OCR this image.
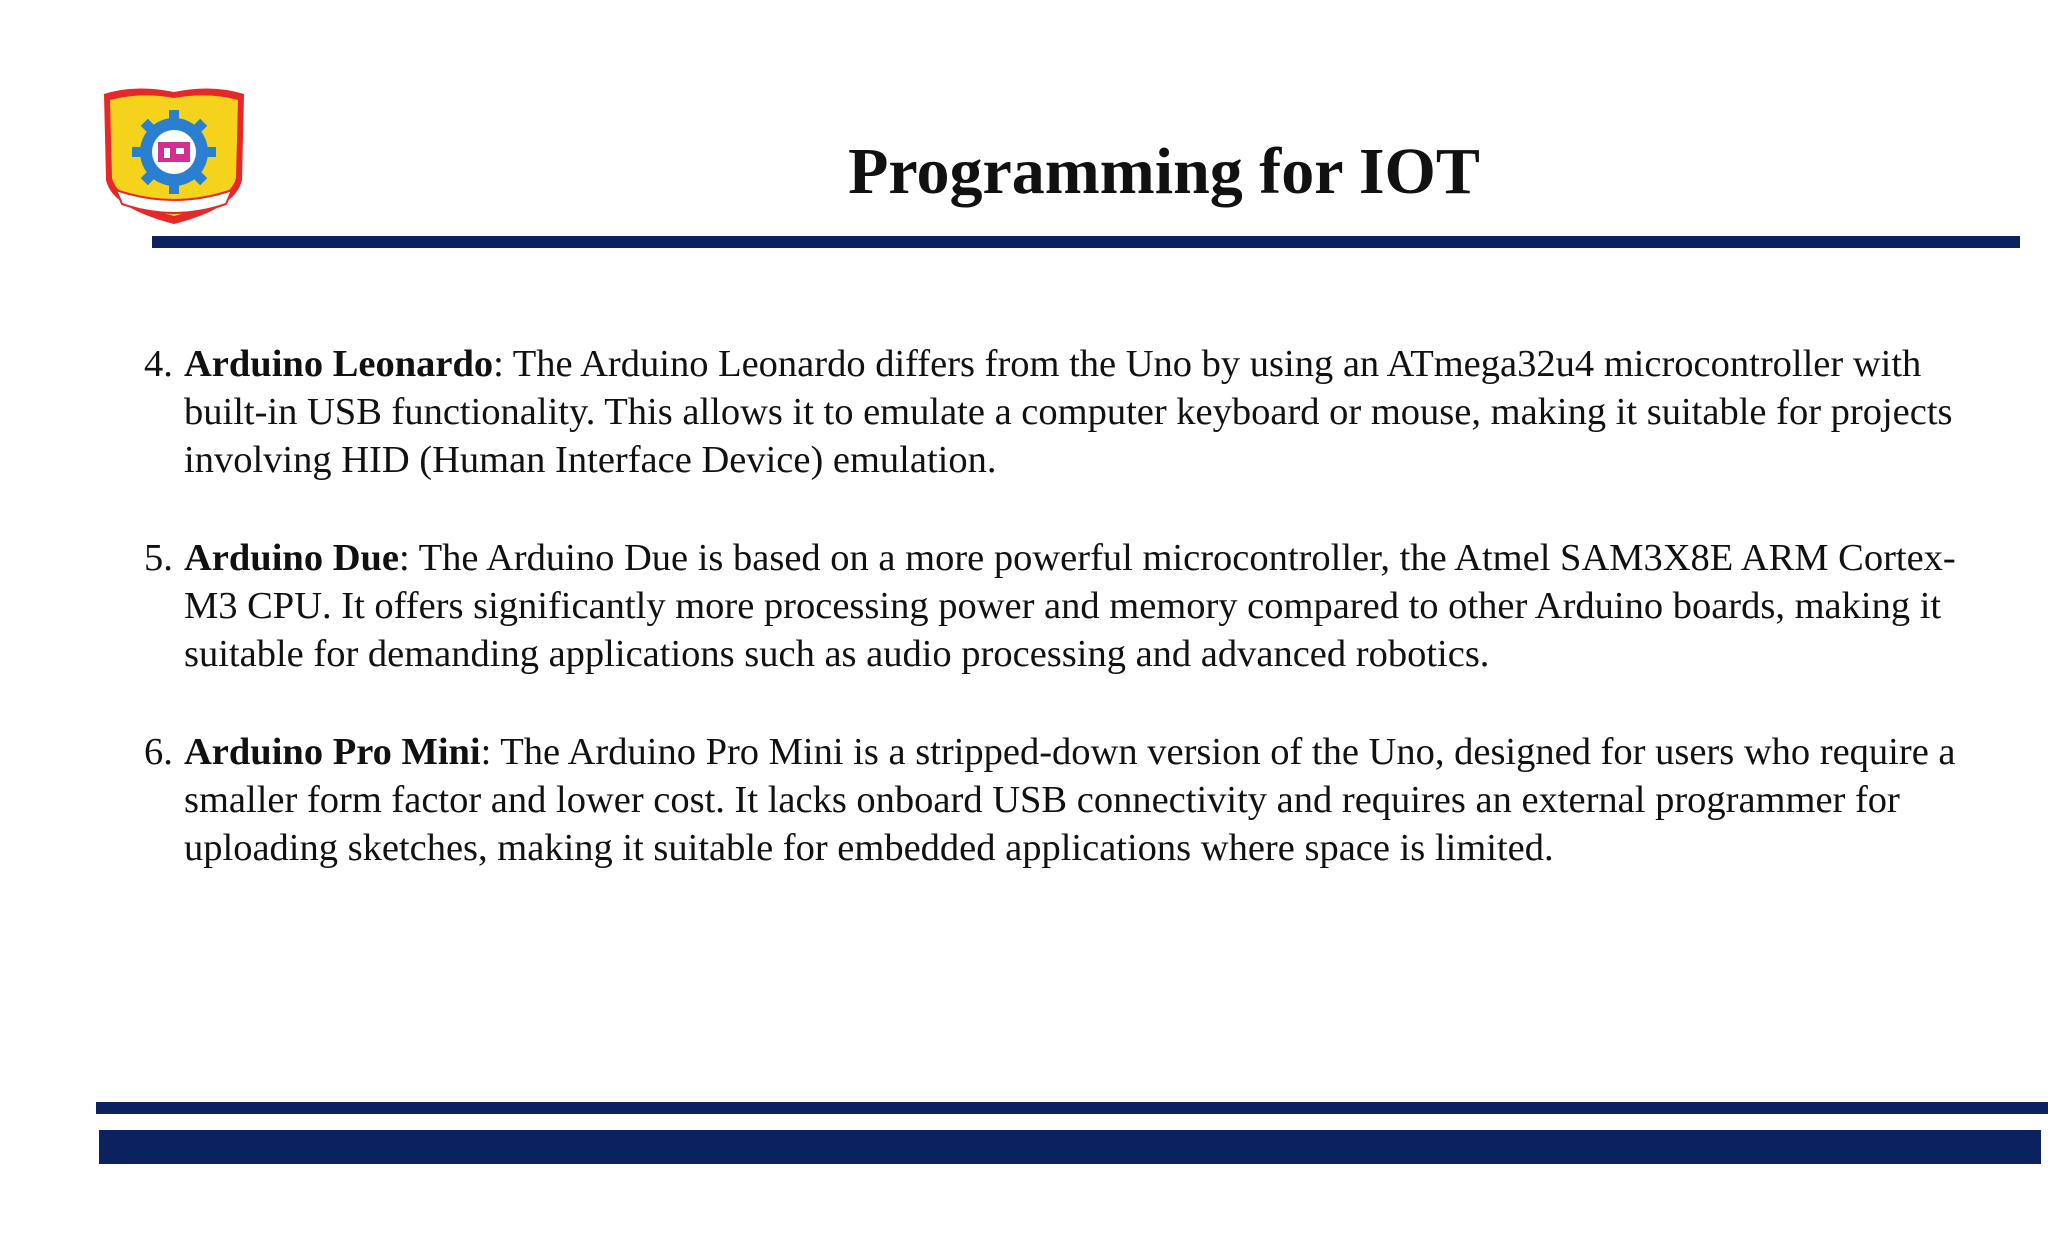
Programming for IOT
4. Arduino Leonardo: The Arduino Leonardo differs from the Uno by using an ATmega32u4 microcontroller with built-in USB functionality. This allows it to emulate a computer keyboard or mouse, making it suitable for projects involving HID (Human Interface Device) emulation.
5. Arduino Due: The Arduino Due is based on a more powerful microcontroller, the Atmel SAM3X8E ARM Cortex-M3 CPU. It offers significantly more processing power and memory compared to other Arduino boards, making it suitable for demanding applications such as audio processing and advanced robotics.
6. Arduino Pro Mini: The Arduino Pro Mini is a stripped-down version of the Uno, designed for users who require a smaller form factor and lower cost. It lacks onboard USB connectivity and requires an external programmer for uploading sketches, making it suitable for embedded applications where space is limited.
